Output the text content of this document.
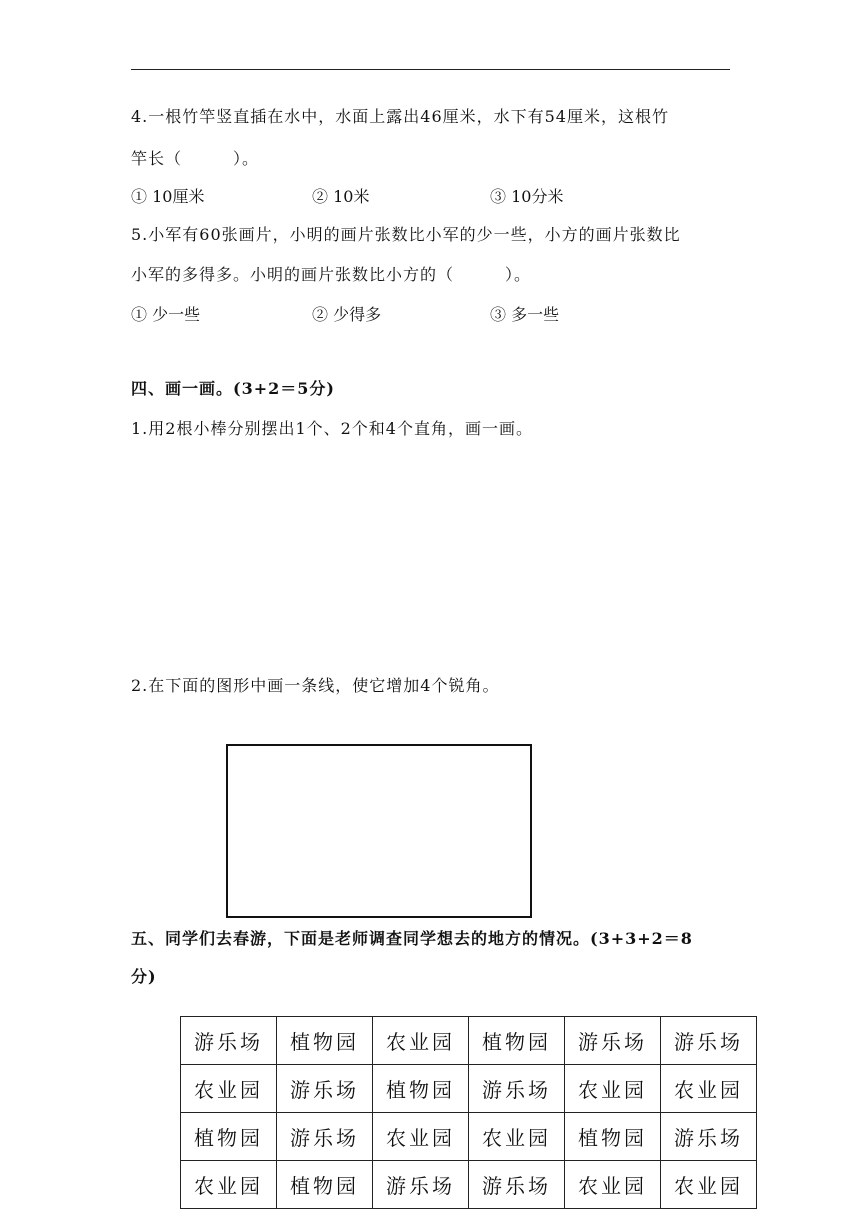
4.一根竹竿竖直插在水中，水面上露出46厘米，水下有54厘米，这根竹
竿长（　　　）。
① 10厘米	② 10米	③ 10分米
5.小军有60张画片，小明的画片张数比小军的少一些，小方的画片张数比
小军的多得多。小明的画片张数比小方的（　　　）。
① 少一些	② 少得多	③ 多一些
四、画一画。(3+2＝5分)
1.用2根小棒分别摆出1个、2个和4个直角，画一画。
2.在下面的图形中画一条线，使它增加4个锐角。
五、同学们去春游，下面是老师调查同学想去的地方的情况。(3+3+2＝8
分)
游乐场	植物园	农业园	植物园	游乐场	游乐场
农业园	游乐场	植物园	游乐场	农业园	农业园
植物园	游乐场	农业园	农业园	植物园	游乐场
农业园	植物园	游乐场	游乐场	农业园	农业园
